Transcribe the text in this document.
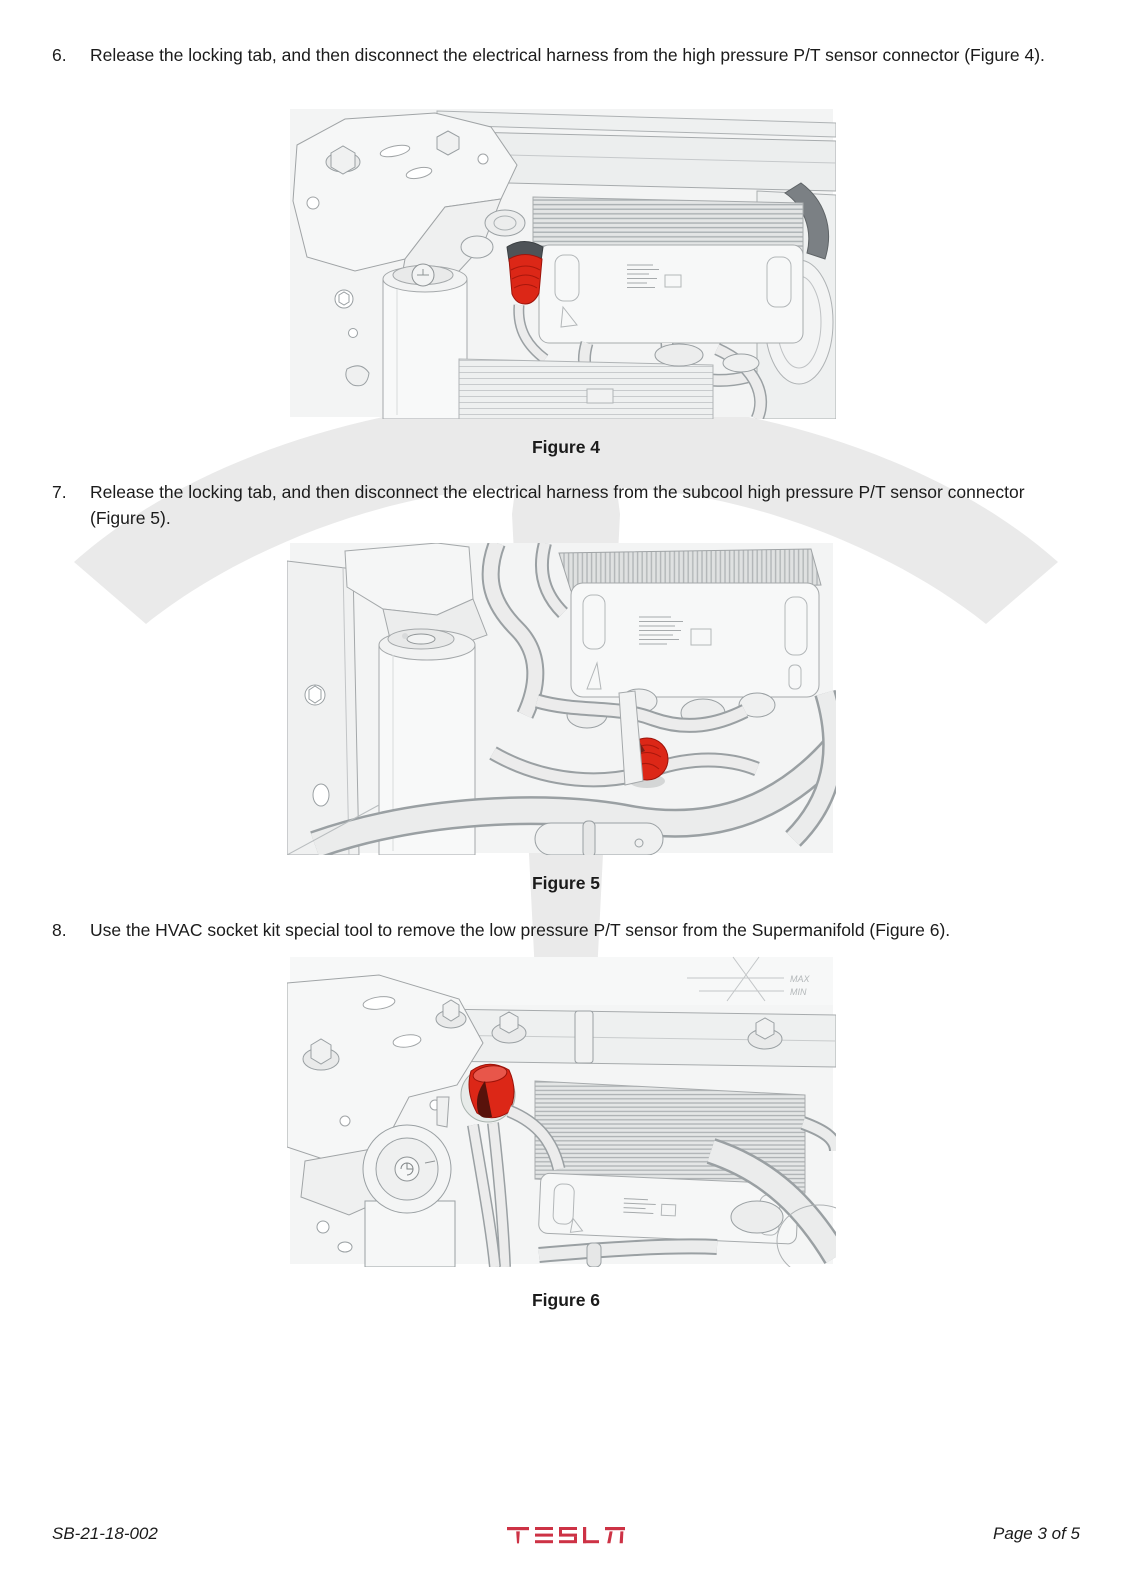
6.	Release the locking tab, and then disconnect the electrical harness from the high pressure P/T sensor connector (Figure 4).
Figure 4
7.	Release the locking tab, and then disconnect the electrical harness from the subcool high pressure P/T sensor connector (Figure 5).
Figure 5
8.	Use the HVAC socket kit special tool to remove the low pressure P/T sensor from the Supermanifold (Figure 6).
MAX
MIN
Figure 6
SB-21-18-002	Page 3 of 5
